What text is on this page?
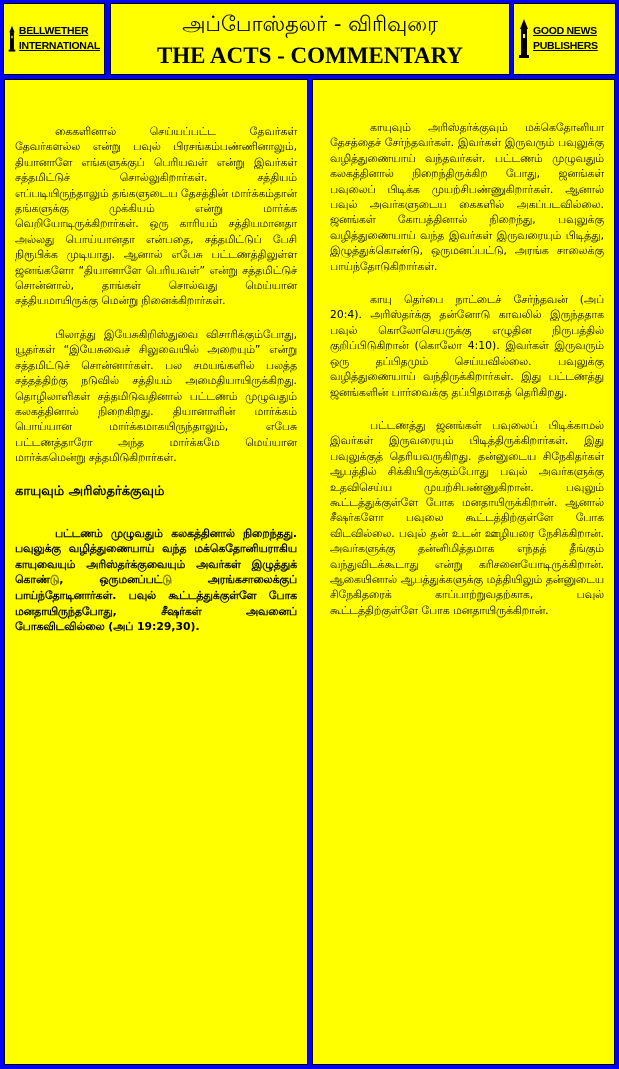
BELLWETHER
INTERNATIONAL
அப்போஸ்தலர் - விரிவுரை
THE ACTS - COMMENTARY
GOOD NEWS
PUBLISHERS

கைகளினால் செய்யப்பட்ட தேவர்கள் தேவர்களல்ல என்று பவுல் பிரசங்கம்பண்ணினாலும், தியானாளே எங்களுக்குப் பெரியவள் என்று இவர்கள் சத்தமிட்டுச் சொல்லுகிறார்கள். சத்தியம் எப்படியிருந்தாலும் தங்களுடைய தேசத்தின் மார்க்கம்தான் தங்களுக்கு முக்கியம் என்று மார்க்க வெறியோடிருக்கிறார்கள். ஒரு காரியம் சத்தியமானதா அல்லது பொய்யானதா என்பதை, சத்தமிட்டுப் பேசி நிரூபிக்க முடியாது. ஆனால் எபேசு பட்டணத்திலுள்ள ஜனங்களோ “தியானாளே பெரியவள்” என்று சத்தமிட்டுச் சொன்னால், தாங்கள் சொல்வது மெய்யான சத்தியமாயிருக்கு மென்று நினைக்கிறார்கள்.

பிலாத்து இயேசுகிறிஸ்துவை விசாரிக்கும்போது, யூதர்கள் “இயேசுவைச் சிலுவையில் அறையும்” என்று சத்தமிட்டுச் சொன்னார்கள். பல சமயங்களில் பலத்த சத்தத்திற்கு நடுவில் சத்தியம் அமைதியாயிருக்கிறது. தொழிலாளிகள் சத்தமிடுவதினால் பட்டணம் முழுவதும் கலகத்தினால் நிறைகிறது. தியானாளின் மார்க்கம் பொய்யான மார்க்கமாகயிருந்தாலும், எபேசு பட்டணத்தாரோ அந்த மார்க்கமே மெய்யான மார்க்கமென்று சத்தமிடுகிறார்கள்.

காயுவும் அரிஸ்தர்க்குவும்

பட்டணம் முழுவதும் கலகத்தினால் நிறைந்தது. பவுலுக்கு வழித்துணையாய் வந்த மக்கெதோனியராகிய காயுவையும் அரிஸ்தர்க்குவையும் அவர்கள் இழுத்துக் கொண்டு, ஒருமனப்பட்டு அரங்கசாலைக்குப் பாய்ந்தோடினார்கள். பவுல் கூட்டத்துக்குள்ளே போக மனதாயிருந்தபோது, சீஷர்கள் அவனைப் போகவிடவில்லை (அப் 19:29,30).

காயுவும் அரிஸ்தர்க்குவும் மக்கெதோனியா தேசத்தைச் சேர்ந்தவர்கள். இவர்கள் இருவரும் பவுலுக்கு வழித்துணையாய் வந்தவர்கள். பட்டணம் முழுவதும் கலகத்தினால் நிறைந்திருக்கிற போது, ஜனங்கள் பவுலைப் பிடிக்க முயற்சிபண்ணுகிறார்கள். ஆனால் பவுல் அவர்களுடைய கைகளில் அகப்படவில்லை. ஜனங்கள் கோபத்தினால் நிறைந்து, பவுலுக்கு வழித்துணையாய் வந்த இவர்கள் இருவரையும் பிடித்து, இழுத்துக்கொண்டு, ஒருமனப்பட்டு, அரங்க சாலைக்கு பாய்ந்தோடுகிறார்கள்.

காயு தெர்பை நாட்டைச் சேர்ந்தவன் (அப் 20:4). அரிஸ்தர்க்கு தன்னோடு காவலில் இருந்ததாக பவுல் கொலோசெயருக்கு எழுதின நிருபத்தில் குறிப்பிடுகிறான் (கொலோ 4:10). இவர்கள் இருவரும் ஒரு தப்பிதமும் செய்யவில்லை. பவுலுக்கு வழித்துணையாய் வந்திருக்கிறார்கள். இது பட்டணத்து ஜனங்களின் பார்வைக்கு தப்பிதமாகத் தெரிகிறது.

பட்டணத்து ஜனங்கள் பவுலைப் பிடிக்காமல் இவர்கள் இருவரையும் பிடித்திருக்கிறார்கள். இது பவுலுக்குத் தெரியவருகிறது. தன்னுடைய சிநேகிதர்கள் ஆபத்தில் சிக்கியிருக்கும்போது பவுல் அவர்களுக்கு உதவிசெய்ய முயற்சிபண்ணுகிறான். பவுலும் கூட்டத்துக்குள்ளே போக மனதாயிருக்கிறான். ஆனால் சீஷர்களோ பவுலை கூட்டத்திற்குள்ளே போக விடவில்லை. பவுல் தன் உடன் ஊழியரை நேசிக்கிறான். அவர்களுக்கு தன்னிமித்தமாக எந்தத் தீங்கும் வந்துவிடக்கூடாது என்று கரிசனையோடிருக்கிறான். ஆகையினால் ஆபத்துக்களுக்கு மத்தியிலும் தன்னுடைய சிநேகிதரைக் காப்பாற்றுவதற்காக, பவுல் கூட்டத்திற்குள்ளே போக மனதாயிருக்கிறான்.
